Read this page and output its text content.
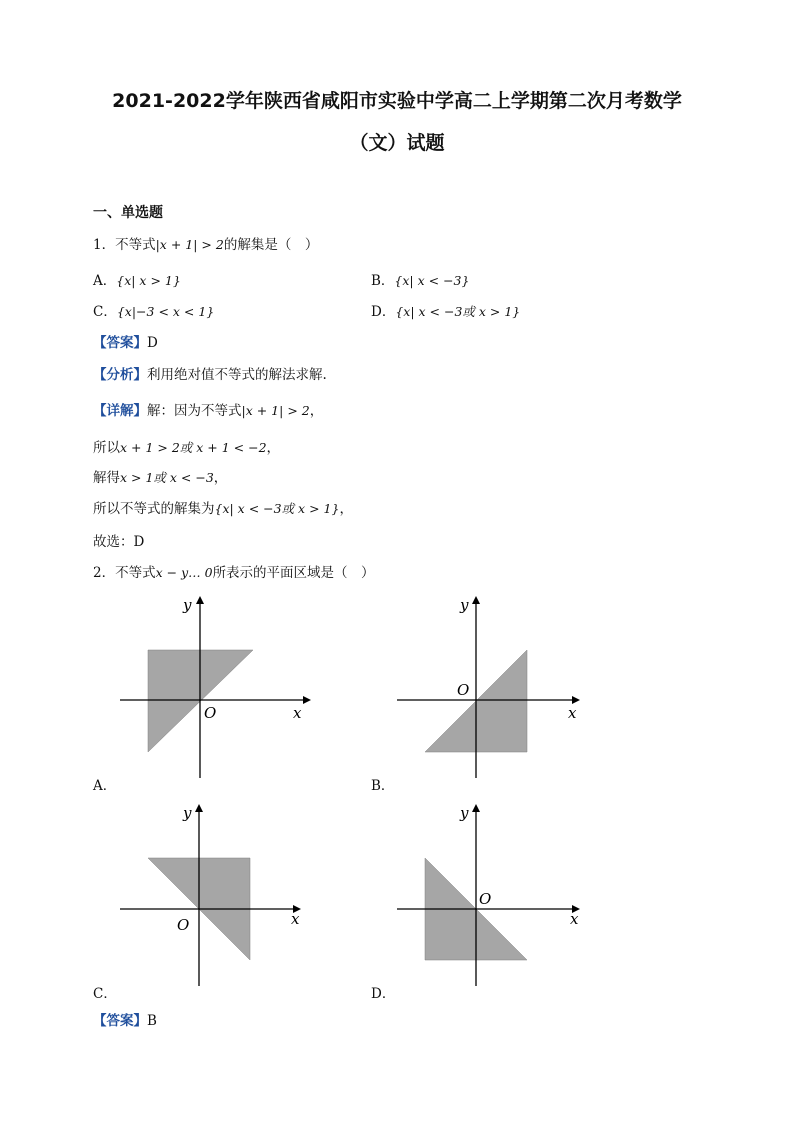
2021-2022学年陕西省咸阳市实验中学高二上学期第二次月考数学
（文）试题
一、单选题
1．不等式|x + 1| > 2的解集是（　）
A．{x| x > 1}	B．{x| x < −3}
C．{x|−3 < x < 1}	D．{x| x < −3或 x > 1}
【答案】D
【分析】利用绝对值不等式的解法求解.
【详解】解：因为不等式|x + 1| > 2，
所以x + 1 > 2或 x + 1 < −2，
解得x > 1或 x < −3，
所以不等式的解集为{x| x < −3或 x > 1}，
故选：D
2．不等式x − y… 0所表示的平面区域是（　）
x
y
O
A．
x
y
O
B．
x
y
O
C．
x
y
O
D．
【答案】B
